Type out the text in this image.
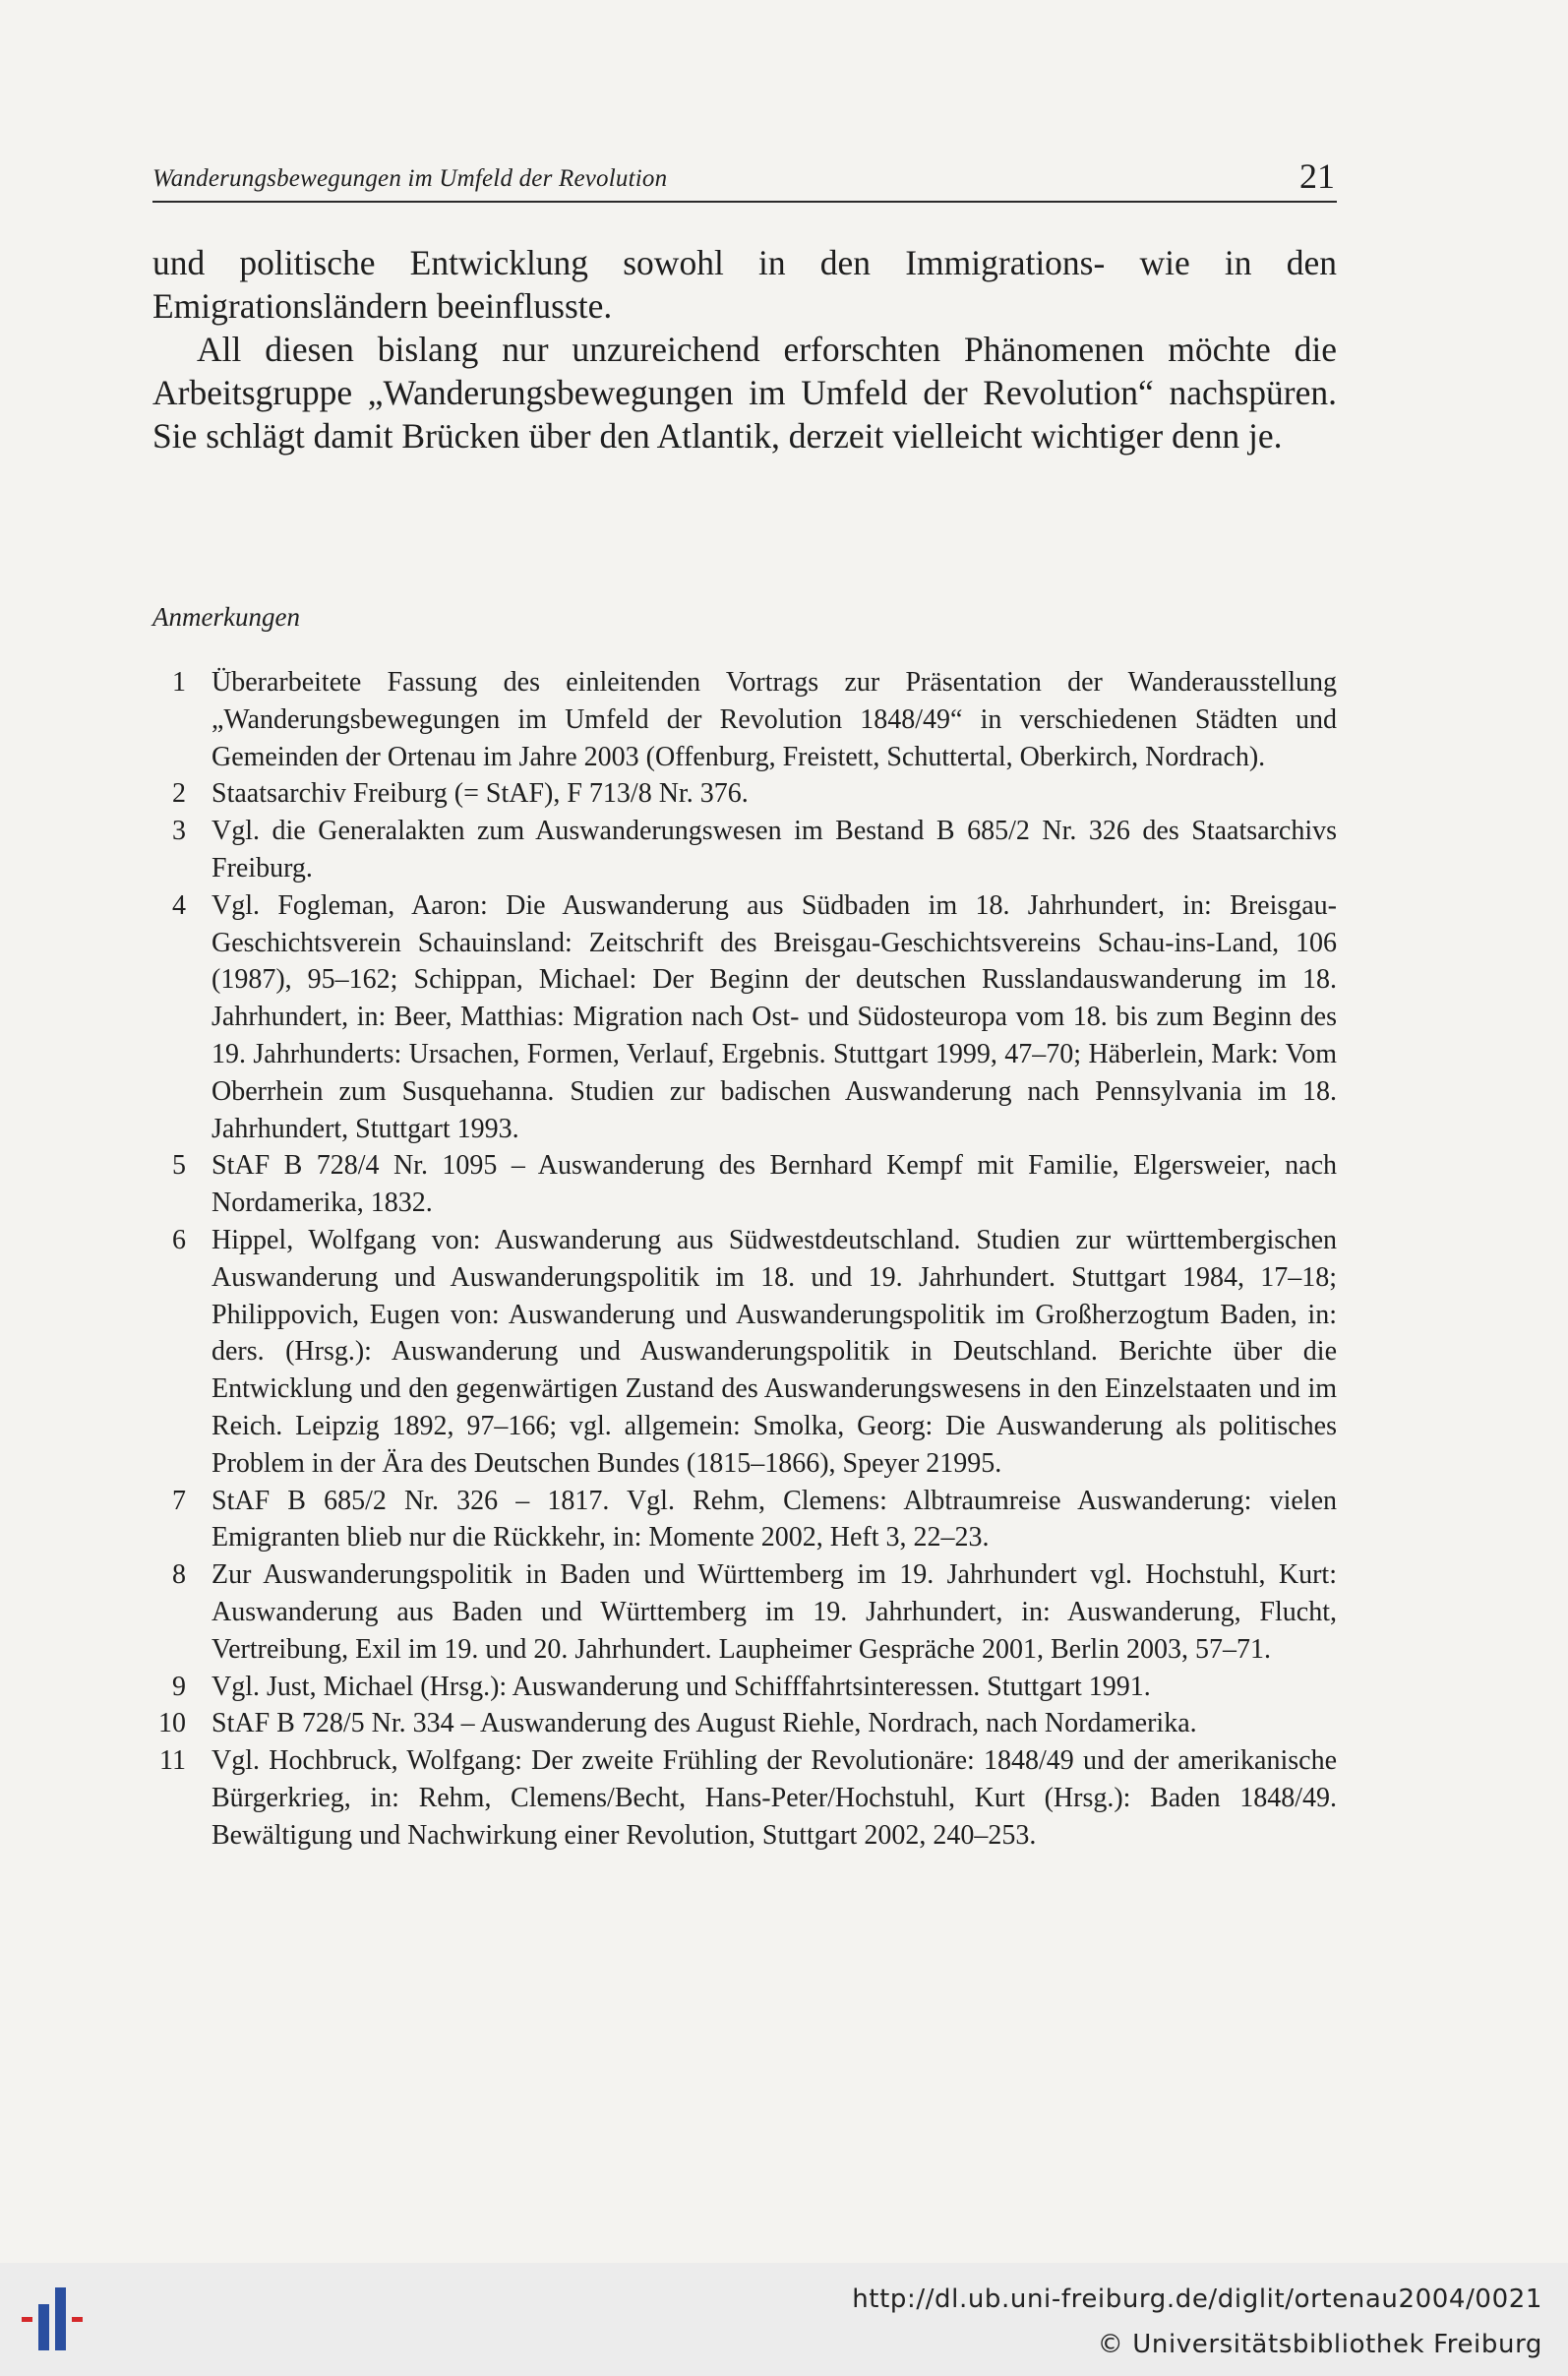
Wanderungsbewegungen im Umfeld der Revolution	21

und politische Entwicklung sowohl in den Immigrations- wie in den Emigrationsländern beeinflusste.

All diesen bislang nur unzureichend erforschten Phänomenen möchte die Arbeitsgruppe „Wanderungsbewegungen im Umfeld der Revolution“ nachspüren. Sie schlägt damit Brücken über den Atlantik, derzeit vielleicht wichtiger denn je.

Anmerkungen
1 Überarbeitete Fassung des einleitenden Vortrags zur Präsentation der Wanderausstellung „Wanderungsbewegungen im Umfeld der Revolution 1848/49“ in verschiedenen Städten und Gemeinden der Ortenau im Jahre 2003 (Offenburg, Freistett, Schuttertal, Oberkirch, Nordrach).
2 Staatsarchiv Freiburg (= StAF), F 713/8 Nr. 376.
3 Vgl. die Generalakten zum Auswanderungswesen im Bestand B 685/2 Nr. 326 des Staatsarchivs Freiburg.
4 Vgl. Fogleman, Aaron: Die Auswanderung aus Südbaden im 18. Jahrhundert, in: Breisgau-Geschichtsverein Schauinsland: Zeitschrift des Breisgau-Geschichtsvereins Schau-ins-Land, 106 (1987), 95–162; Schippan, Michael: Der Beginn der deutschen Russlandauswanderung im 18. Jahrhundert, in: Beer, Matthias: Migration nach Ost- und Südosteuropa vom 18. bis zum Beginn des 19. Jahrhunderts: Ursachen, Formen, Verlauf, Ergebnis. Stuttgart 1999, 47–70; Häberlein, Mark: Vom Oberrhein zum Susquehanna. Studien zur badischen Auswanderung nach Pennsylvania im 18. Jahrhundert, Stuttgart 1993.
5 StAF B 728/4 Nr. 1095 – Auswanderung des Bernhard Kempf mit Familie, Elgersweier, nach Nordamerika, 1832.
6 Hippel, Wolfgang von: Auswanderung aus Südwestdeutschland. Studien zur württembergischen Auswanderung und Auswanderungspolitik im 18. und 19. Jahrhundert. Stuttgart 1984, 17–18; Philippovich, Eugen von: Auswanderung und Auswanderungspolitik im Großherzogtum Baden, in: ders. (Hrsg.): Auswanderung und Auswanderungspolitik in Deutschland. Berichte über die Entwicklung und den gegenwärtigen Zustand des Auswanderungswesens in den Einzelstaaten und im Reich. Leipzig 1892, 97–166; vgl. allgemein: Smolka, Georg: Die Auswanderung als politisches Problem in der Ära des Deutschen Bundes (1815–1866), Speyer 21995.
7 StAF B 685/2 Nr. 326 – 1817. Vgl. Rehm, Clemens: Albtraumreise Auswanderung: vielen Emigranten blieb nur die Rückkehr, in: Momente 2002, Heft 3, 22–23.
8 Zur Auswanderungspolitik in Baden und Württemberg im 19. Jahrhundert vgl. Hochstuhl, Kurt: Auswanderung aus Baden und Württemberg im 19. Jahrhundert, in: Auswanderung, Flucht, Vertreibung, Exil im 19. und 20. Jahrhundert. Laupheimer Gespräche 2001, Berlin 2003, 57–71.
9 Vgl. Just, Michael (Hrsg.): Auswanderung und Schifffahrtsinteressen. Stuttgart 1991.
10 StAF B 728/5 Nr. 334 – Auswanderung des August Riehle, Nordrach, nach Nordamerika.
11 Vgl. Hochbruck, Wolfgang: Der zweite Frühling der Revolutionäre: 1848/49 und der amerikanische Bürgerkrieg, in: Rehm, Clemens/Becht, Hans-Peter/Hochstuhl, Kurt (Hrsg.): Baden 1848/49. Bewältigung und Nachwirkung einer Revolution, Stuttgart 2002, 240–253.
http://dl.ub.uni-freiburg.de/diglit/ortenau2004/0021
© Universitätsbibliothek Freiburg
